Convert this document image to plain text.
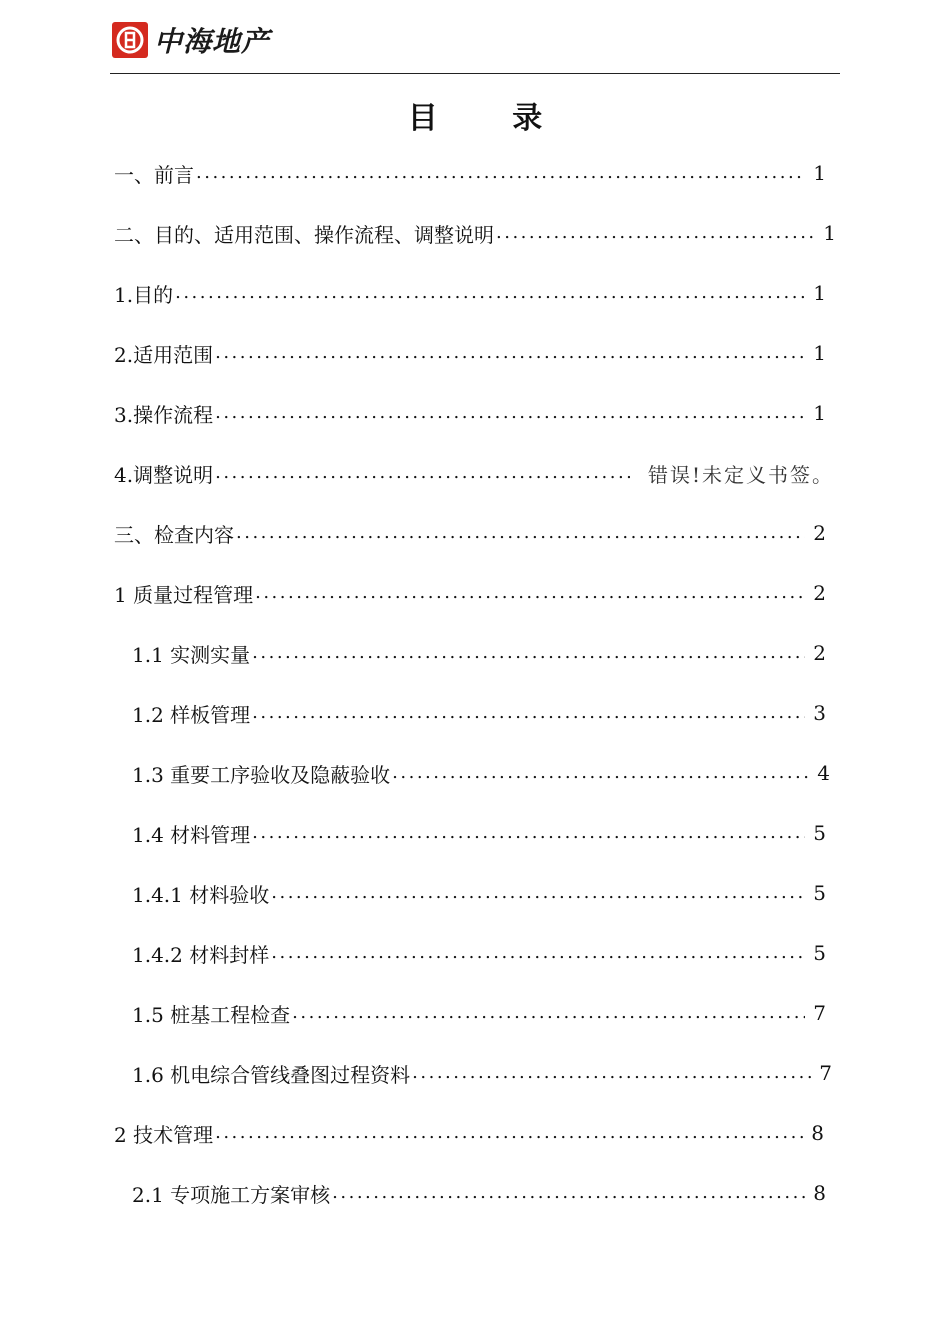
中海地产
目 录
一、前言 .....	1
二、目的、适用范围、操作流程、调整说明 .....	1
1.目的 .....	1
2.适用范围 .....	1
3.操作流程 .....	1
4.调整说明 .....	错误!未定义书签。
三、检查内容 .....	2
1 质量过程管理 .....	2
1.1 实测实量 .....	2
1.2 样板管理 .....	3
1.3 重要工序验收及隐蔽验收 .....	4
1.4 材料管理 .....	5
1.4.1 材料验收 .....	5
1.4.2 材料封样 .....	5
1.5 桩基工程检查 .....	7
1.6 机电综合管线叠图过程资料 .....	7
2 技术管理 .....	8
2.1 专项施工方案审核 .....	8
